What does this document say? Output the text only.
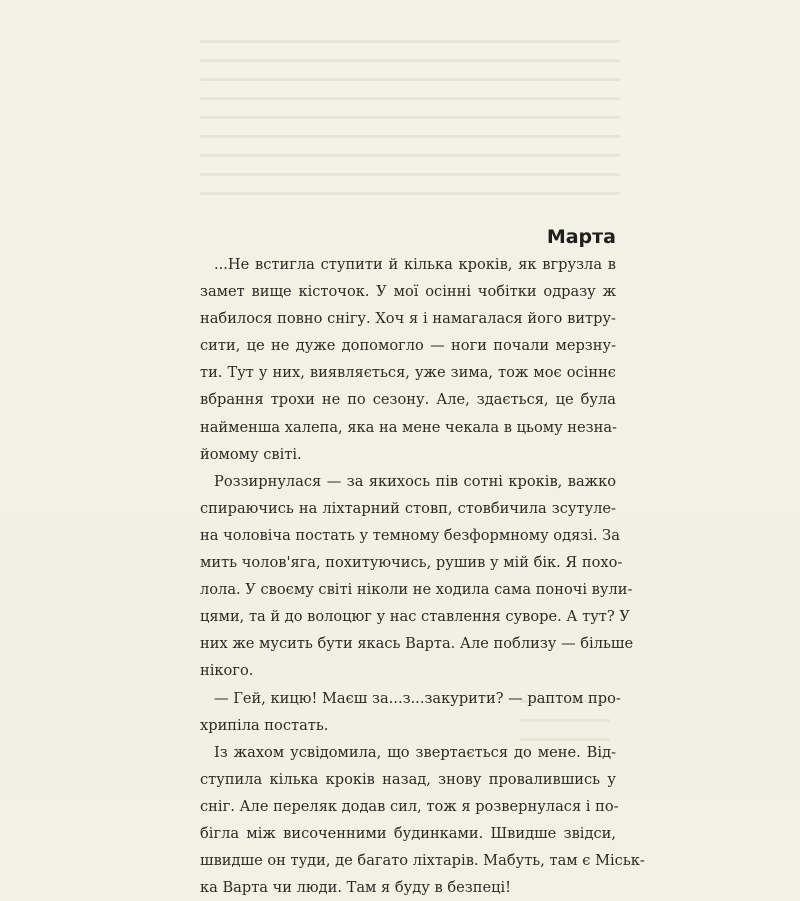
Марта
...Не встигла ступити й кілька кроків, як вгрузла в
замет вище кісточок. У мої осінні чобітки одразу ж
набилося повно снігу. Хоч я і намагалася його витру-
сити, це не дуже допомогло — ноги почали мерзну-
ти. Тут у них, виявляється, уже зима, тож моє осіннє
вбрання трохи не по сезону. Але, здається, це була
найменша халепа, яка на мене чекала в цьому незна-
йомому світі.
Роззирнулася — за якихось пів сотні кроків, важко
спираючись на ліхтарний стовп, стовбичила зсутуле-
на чоловіча постать у темному безформному одязі. За
мить чолов'яга, похитуючись, рушив у мій бік. Я похо-
лола. У своєму світі ніколи не ходила сама поночі вули-
цями, та й до волоцюг у нас ставлення суворе. А тут? У
них же мусить бути якась Варта. Але поблизу — більше
нікого.
— Гей, кицю! Маєш за...з...закурити? — раптом про-
хрипіла постать.
Із жахом усвідомила, що звертається до мене. Від-
ступила кілька кроків назад, знову провалившись у
сніг. Але переляк додав сил, тож я розвернулася і по-
бігла між височенними будинками. Швидше звідси,
швидше он туди, де багато ліхтарів. Мабуть, там є Міськ-
ка Варта чи люди. Там я буду в безпеці!
